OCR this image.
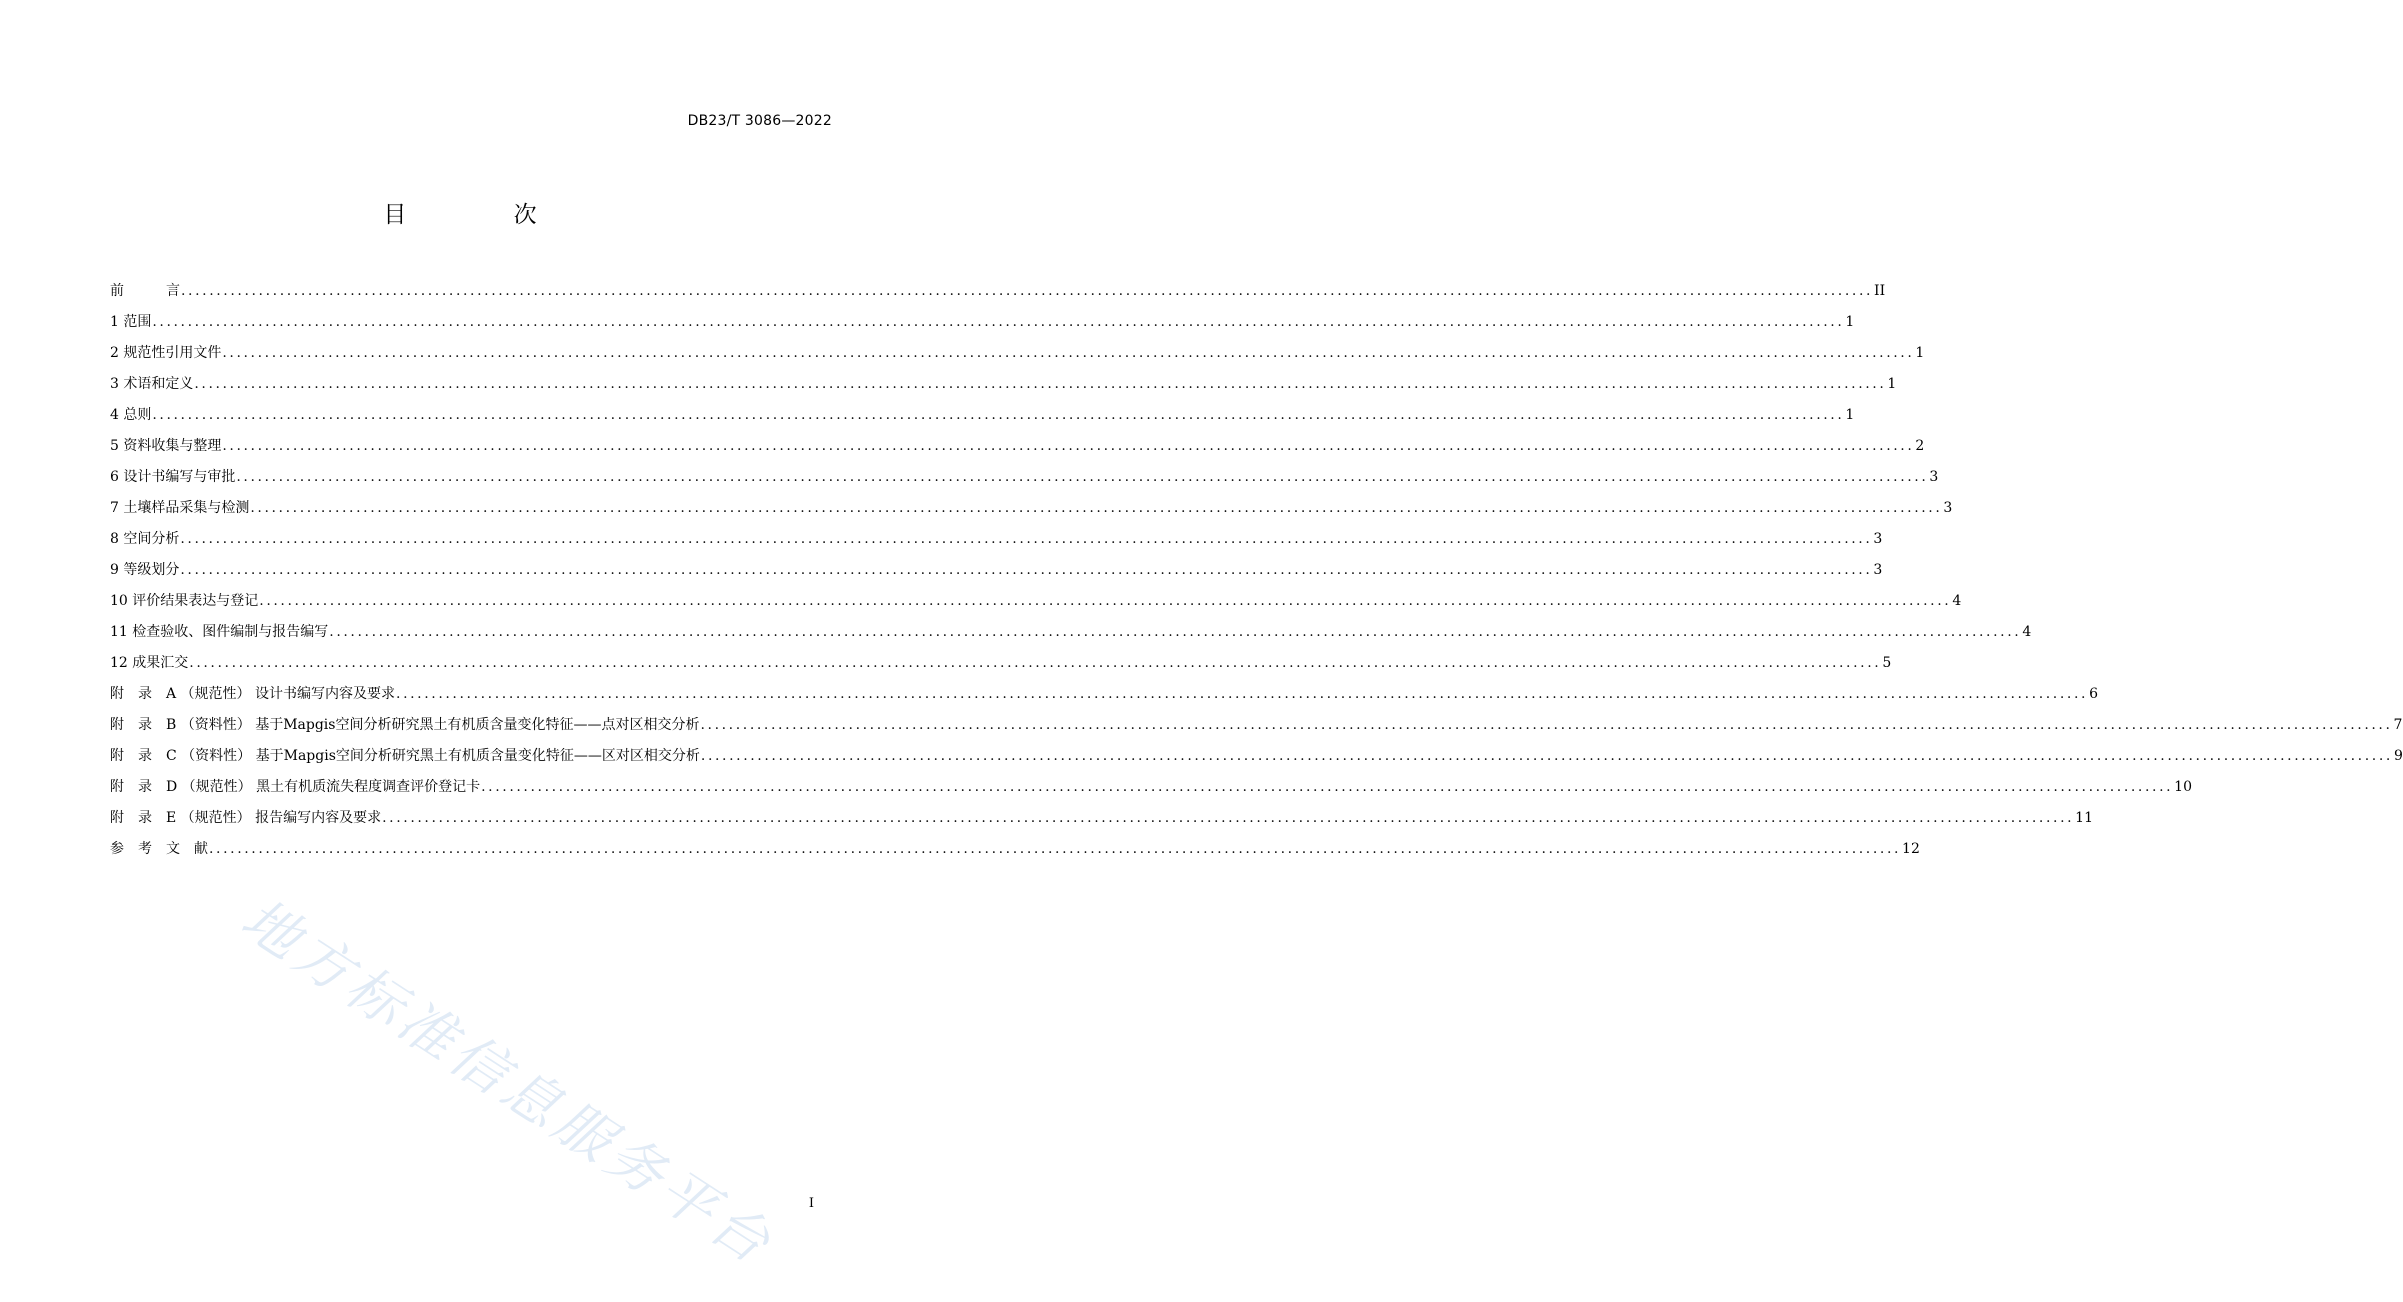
DB23/T 3086—2022
目 次
前　　　言 ................................................................................................................................................................................................................................................ II
1 范围 ................................................................................................................................................................................................................................................ 1
2 规范性引用文件 ................................................................................................................................................................................................................................................ 1
3 术语和定义 ................................................................................................................................................................................................................................................ 1
4 总则 ................................................................................................................................................................................................................................................ 1
5 资料收集与整理 ................................................................................................................................................................................................................................................ 2
6 设计书编写与审批 ................................................................................................................................................................................................................................................ 3
7 土壤样品采集与检测 ................................................................................................................................................................................................................................................ 3
8 空间分析 ................................................................................................................................................................................................................................................ 3
9 等级划分 ................................................................................................................................................................................................................................................ 3
10 评价结果表达与登记 ................................................................................................................................................................................................................................................ 4
11 检查验收、图件编制与报告编写 ................................................................................................................................................................................................................................................ 4
12 成果汇交 ................................................................................................................................................................................................................................................ 5
附　录　A （规范性） 设计书编写内容及要求 ................................................................................................................................................................................................................................................ 6
附　录　B （资料性） 基于Mapgis空间分析研究黑土有机质含量变化特征——点对区相交分析 ................................................................................................................................................................................................................................................ 7
附　录　C （资料性） 基于Mapgis空间分析研究黑土有机质含量变化特征——区对区相交分析 ................................................................................................................................................................................................................................................ 9
附　录　D （规范性） 黑土有机质流失程度调查评价登记卡 ................................................................................................................................................................................................................................................ 10
附　录　E （规范性） 报告编写内容及要求 ................................................................................................................................................................................................................................................ 11
参　考　文　献 ................................................................................................................................................................................................................................................ 12
地方标准信息服务平台	I
